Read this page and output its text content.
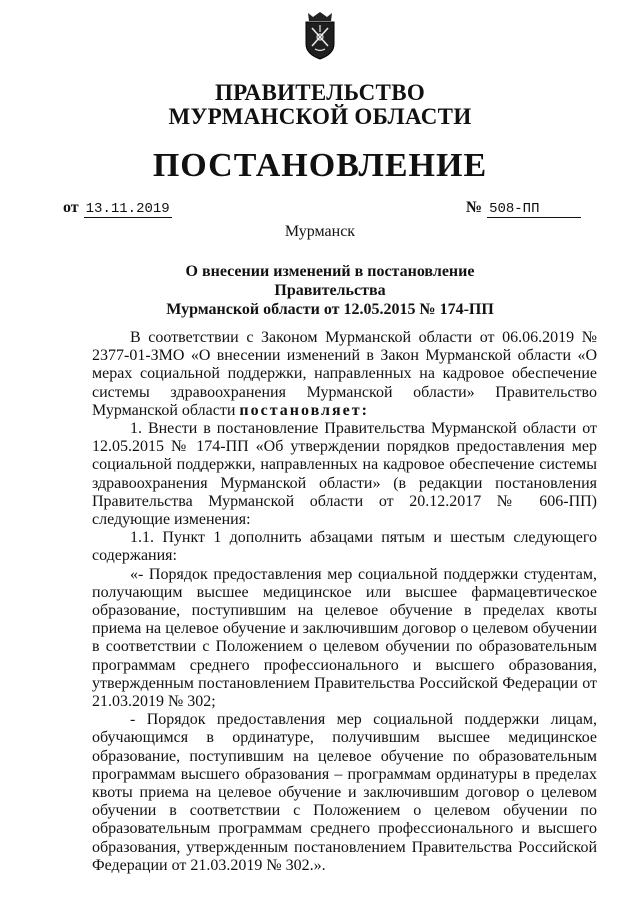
ПРАВИТЕЛЬСТВО
МУРМАНСКОЙ ОБЛАСТИ
ПОСТАНОВЛЕНИЕ
от 13.11.2019	№ 508-ПП
Мурманск
О внесении изменений в постановление Правительства
Мурманской области от 12.05.2015 № 174-ПП

В соответствии с Законом Мурманской области от 06.06.2019 № 2377-01-ЗМО «О внесении изменений в Закон Мурманской области «О мерах социальной поддержки, направленных на кадровое обеспечение системы здравоохранения Мурманской области» Правительство Мурманской области постановляет:

1. Внести в постановление Правительства Мурманской области от 12.05.2015 № 174-ПП «Об утверждении порядков предоставления мер социальной поддержки, направленных на кадровое обеспечение системы здравоохранения Мурманской области» (в редакции постановления Правительства Мурманской области от 20.12.2017 № 606-ПП) следующие изменения:

1.1. Пункт 1 дополнить абзацами пятым и шестым следующего содержания:

«- Порядок предоставления мер социальной поддержки студентам, получающим высшее медицинское или высшее фармацевтическое образование, поступившим на целевое обучение в пределах квоты приема на целевое обучение и заключившим договор о целевом обучении в соответствии с Положением о целевом обучении по образовательным программам среднего профессионального и высшего образования, утвержденным постановлением Правительства Российской Федерации от 21.03.2019 № 302;

- Порядок предоставления мер социальной поддержки лицам, обучающимся в ординатуре, получившим высшее медицинское образование, поступившим на целевое обучение по образовательным программам высшего образования – программам ординатуры в пределах квоты приема на целевое обучение и заключившим договор о целевом обучении в соответствии с Положением о целевом обучении по образовательным программам среднего профессионального и высшего образования, утвержденным постановлением Правительства Российской Федерации от 21.03.2019 № 302.».
